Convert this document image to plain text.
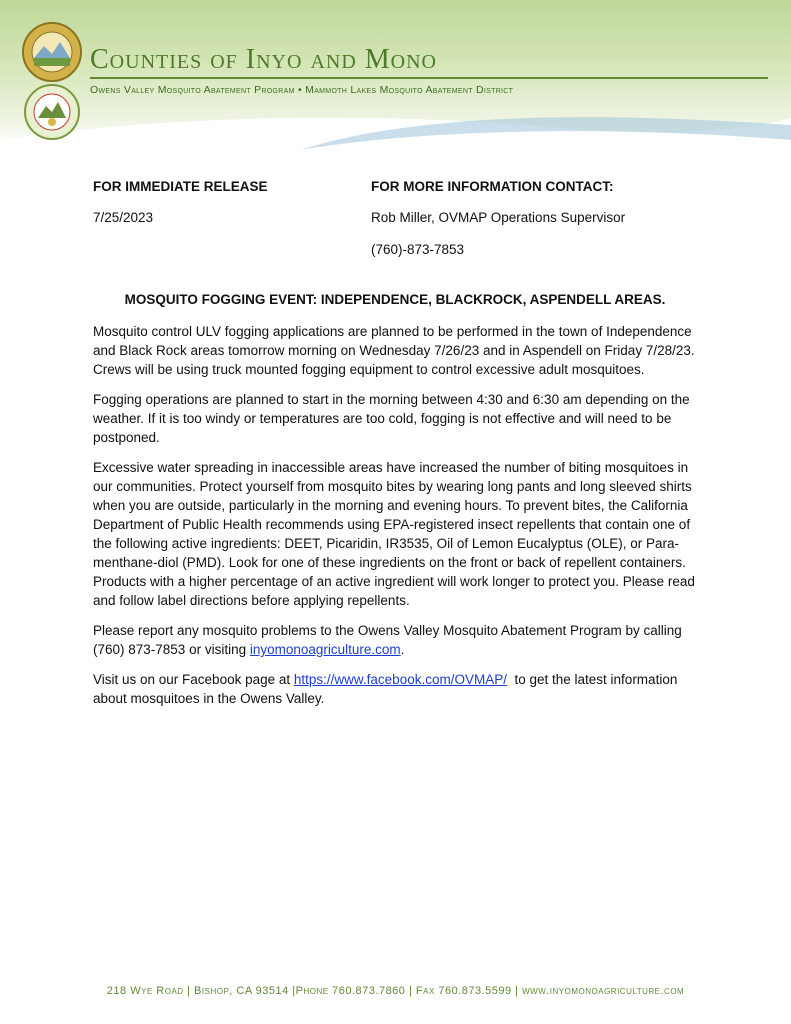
Counties of Inyo and Mono
Owens Valley Mosquito Abatement Program • Mammoth Lakes Mosquito Abatement District
FOR IMMEDIATE RELEASE	FOR MORE INFORMATION CONTACT:
7/25/2023	Rob Miller, OVMAP Operations Supervisor
(760)-873-7853
MOSQUITO FOGGING EVENT: INDEPENDENCE, BLACKROCK, ASPENDELL AREAS.

Mosquito control ULV fogging applications are planned to be performed in the town of Independence and Black Rock areas tomorrow morning on Wednesday 7/26/23 and in Aspendell on Friday 7/28/23. Crews will be using truck mounted fogging equipment to control excessive adult mosquitoes.

Fogging operations are planned to start in the morning between 4:30 and 6:30 am depending on the weather. If it is too windy or temperatures are too cold, fogging is not effective and will need to be postponed.

Excessive water spreading in inaccessible areas have increased the number of biting mosquitoes in our communities. Protect yourself from mosquito bites by wearing long pants and long sleeved shirts when you are outside, particularly in the morning and evening hours. To prevent bites, the California Department of Public Health recommends using EPA-registered insect repellents that contain one of the following active ingredients: DEET, Picaridin, IR3535, Oil of Lemon Eucalyptus (OLE), or Para-menthane-diol (PMD). Look for one of these ingredients on the front or back of repellent containers. Products with a higher percentage of an active ingredient will work longer to protect you. Please read and follow label directions before applying repellents.

Please report any mosquito problems to the Owens Valley Mosquito Abatement Program by calling (760) 873-7853 or visiting inyomonoagriculture.com.

Visit us on our Facebook page at https://www.facebook.com/OVMAP/  to get the latest information about mosquitoes in the Owens Valley.

218 Wye Road | Bishop, CA 93514 |Phone 760.873.7860 | Fax 760.873.5599 | www.inyomonoagriculture.com
